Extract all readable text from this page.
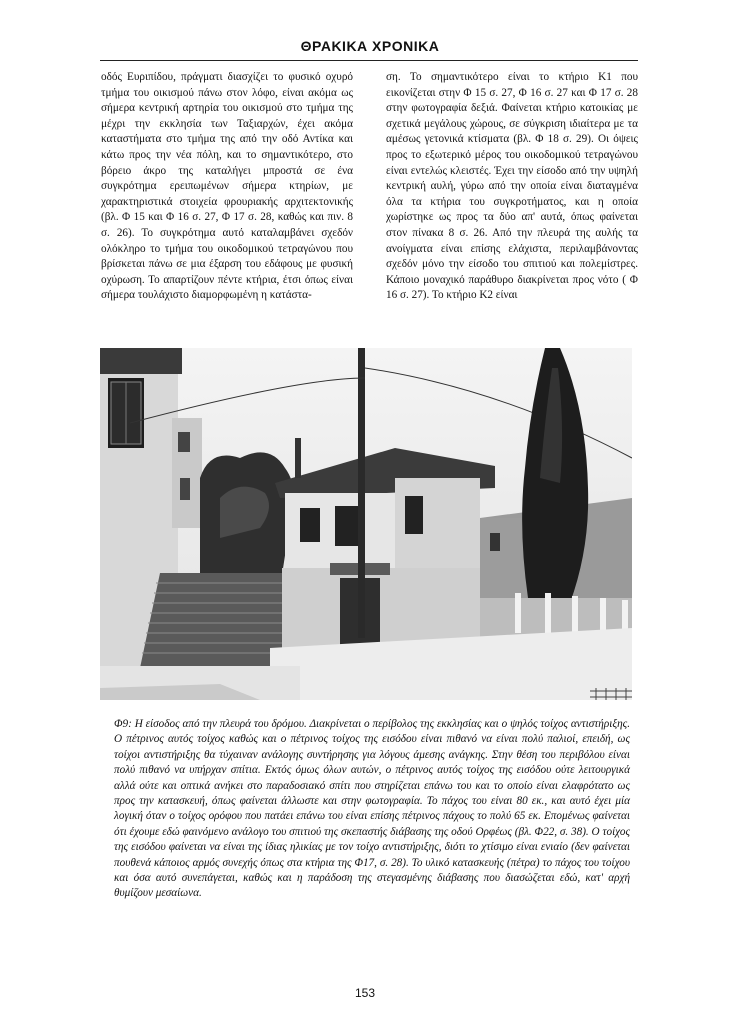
ΘΡΑΚΙΚΑ ΧΡΟΝΙΚΑ

οδός Ευριπίδου, πράγματι διασχίζει το φυσικό οχυρό τμήμα του οικισμού πάνω στον λόφο, είναι ακόμα ως σήμερα κεντρική αρτηρία του οικισμού στο τμήμα της μέχρι την εκκλησία των Ταξιαρχών, έχει ακόμα καταστήματα στο τμήμα της από την οδό Αντίκα και κάτω προς την νέα πόλη, και το σημαντικότερο, στο βόρειο άκρο της καταλήγει μπροστά σε ένα συγκρότημα ερειπωμένων σήμερα κτηρίων, με χαρακτηριστικά στοιχεία φρουριακής αρχιτεκτονικής (βλ. Φ 15 και Φ 16 σ. 27, Φ 17 σ. 28, καθώς και πιν. 8 σ. 26). Το συγκρότημα αυτό καταλαμβάνει σχεδόν ολόκληρο το τμήμα του οικοδομικού τετραγώνου που βρίσκεται πάνω σε μια έξαρση του εδάφους με φυσική οχύρωση. Το απαρτίζουν πέντε κτήρια, έτσι όπως είναι σήμερα τουλάχιστο διαμορφωμένη η κατάστα-

ση. Το σημαντικότερο είναι το κτήριο Κ1 που εικονίζεται στην Φ 15 σ. 27, Φ 16 σ. 27 και Φ 17 σ. 28 στην φωτογραφία δεξιά. Φαίνεται κτήριο κατοικίας με σχετικά μεγάλους χώρους, σε σύγκριση ιδιαίτερα με τα αμέσως γετονικά κτίσματα (βλ. Φ 18 σ. 29). Οι όψεις προς το εξωτερικό μέρος του οικοδομικού τετραγώνου είναι εντελώς κλειστές. Έχει την είσοδο από την υψηλή κεντρική αυλή, γύρω από την οποία είναι διαταγμένα όλα τα κτήρια του συγκροτήματος, και η οποία χωρίστηκε ως προς τα δύο απ' αυτά, όπως φαίνεται στον πίνακα 8 σ. 26. Από την πλευρά της αυλής τα ανοίγματα είναι επίσης ελάχιστα, περιλαμβάνοντας σχεδόν μόνο την είσοδο του σπιτιού και πολεμίστρες. Κάποιο μοναχικό παράθυρο διακρίνεται προς νότο ( Φ 16 σ. 27). Το κτήριο Κ2 είναι

Φ9: Η είσοδος από την πλευρά του δρόμου. Διακρίνεται ο περίβολος της εκκλησίας και ο ψηλός τοίχος αντιστήριξης. Ο πέτρινος αυτός τοίχος καθώς και ο πέτρινος τοίχος της εισόδου είναι πιθανό να είναι πολύ παλιοί, επειδή, ως τοίχοι αντιστήριξης θα τύχαιναν ανάλογης συντήρησης για λόγους άμεσης ανάγκης. Στην θέση του περιβόλου είναι πολύ πιθανό να υπήρχαν σπίτια. Εκτός όμως όλων αυτών, ο πέτρινος αυτός τοίχος της εισόδου ούτε λειτουργικά αλλά ούτε και οπτικά ανήκει στο παραδοσιακό σπίτι που στηρίζεται επάνω του και το οποίο είναι ελαφρότατο ως προς την κατασκευή, όπως φαίνεται άλλωστε και στην φωτογραφία. Το πάχος του είναι 80 εκ., και αυτό έχει μία λογική όταν ο τοίχος ορόφου που πατάει επάνω του είναι επίσης πέτρινος πάχους το πολύ 65 εκ. Επομένως φαίνεται ότι έχουμε εδώ φαινόμενο ανάλογο του σπιτιού της σκεπαστής διάβασης της οδού Ορφέως (βλ. Φ22, σ. 38). Ο τοίχος της εισόδου φαίνεται να είναι της ίδιας ηλικίας με τον τοίχο αντιστήριξης, διότι το χτίσιμο είναι ενιαίο (δεν φαίνεται πουθενά κάποιος αρμός συνεχής όπως στα κτήρια της Φ17, σ. 28). Το υλικό κατασκευής (πέτρα) το πάχος του τοίχου και όσα αυτό συνεπάγεται, καθώς και η παράδοση της στεγασμένης διάβασης που διασώζεται εδώ, κατ' αρχή θυμίζουν μεσαίωνα.
153
